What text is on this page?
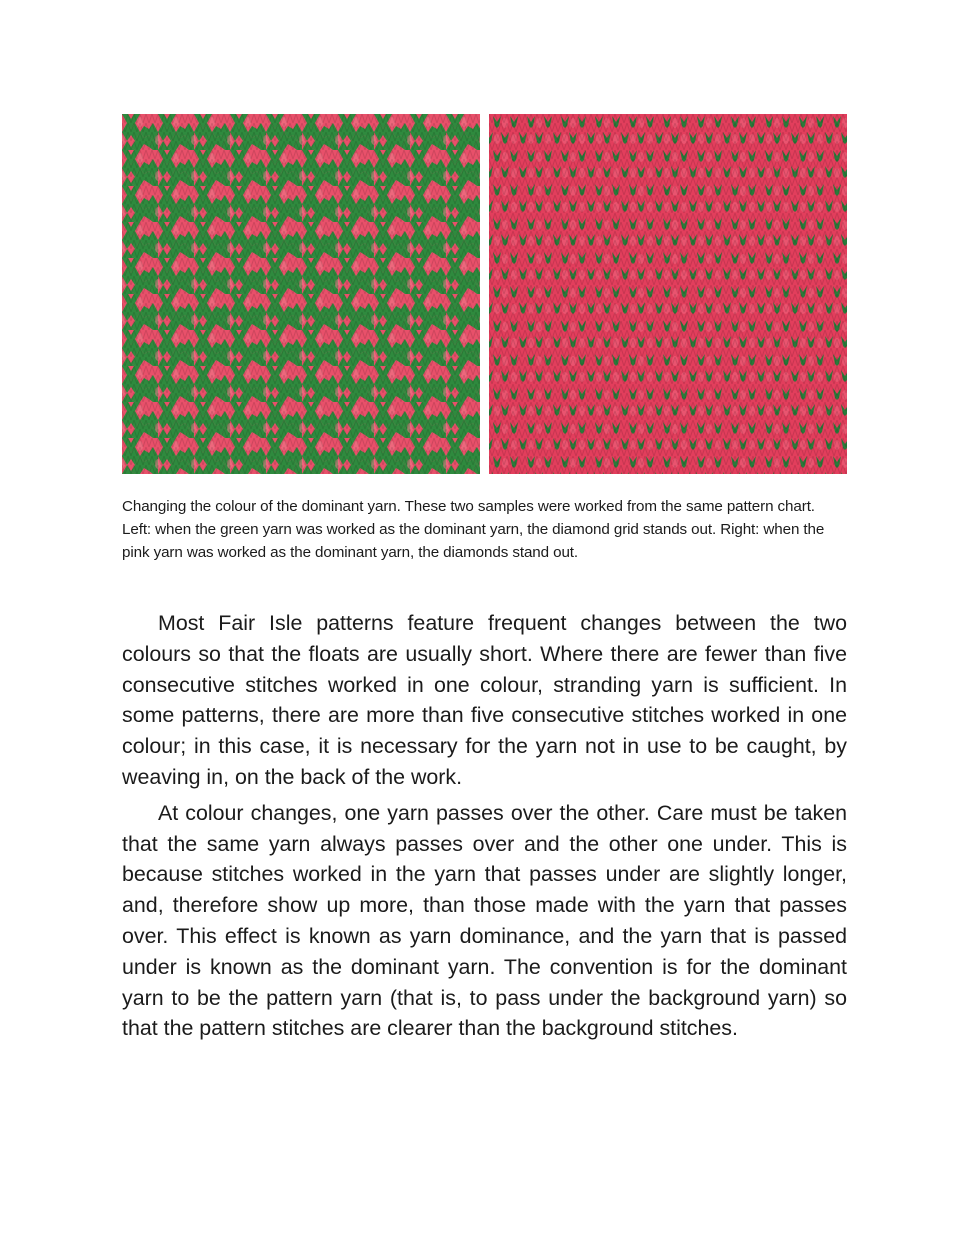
Changing the colour of the dominant yarn. These two samples were worked from the same pattern chart. Left: when the green yarn was worked as the dominant yarn, the diamond grid stands out. Right: when the pink yarn was worked as the dominant yarn, the diamonds stand out.

Most Fair Isle patterns feature frequent changes between the two colours so that the floats are usually short. Where there are fewer than five consecutive stitches worked in one colour, stranding yarn is sufficient. In some patterns, there are more than five consecutive stitches worked in one colour; in this case, it is necessary for the yarn not in use to be caught, by weaving in, on the back of the work.

At colour changes, one yarn passes over the other. Care must be taken that the same yarn always passes over and the other one under. This is because stitches worked in the yarn that passes under are slightly longer, and, therefore show up more, than those made with the yarn that passes over. This effect is known as yarn dominance, and the yarn that is passed under is known as the dominant yarn. The convention is for the dominant yarn to be the pattern yarn (that is, to pass under the background yarn) so that the pattern stitches are clearer than the background stitches.
